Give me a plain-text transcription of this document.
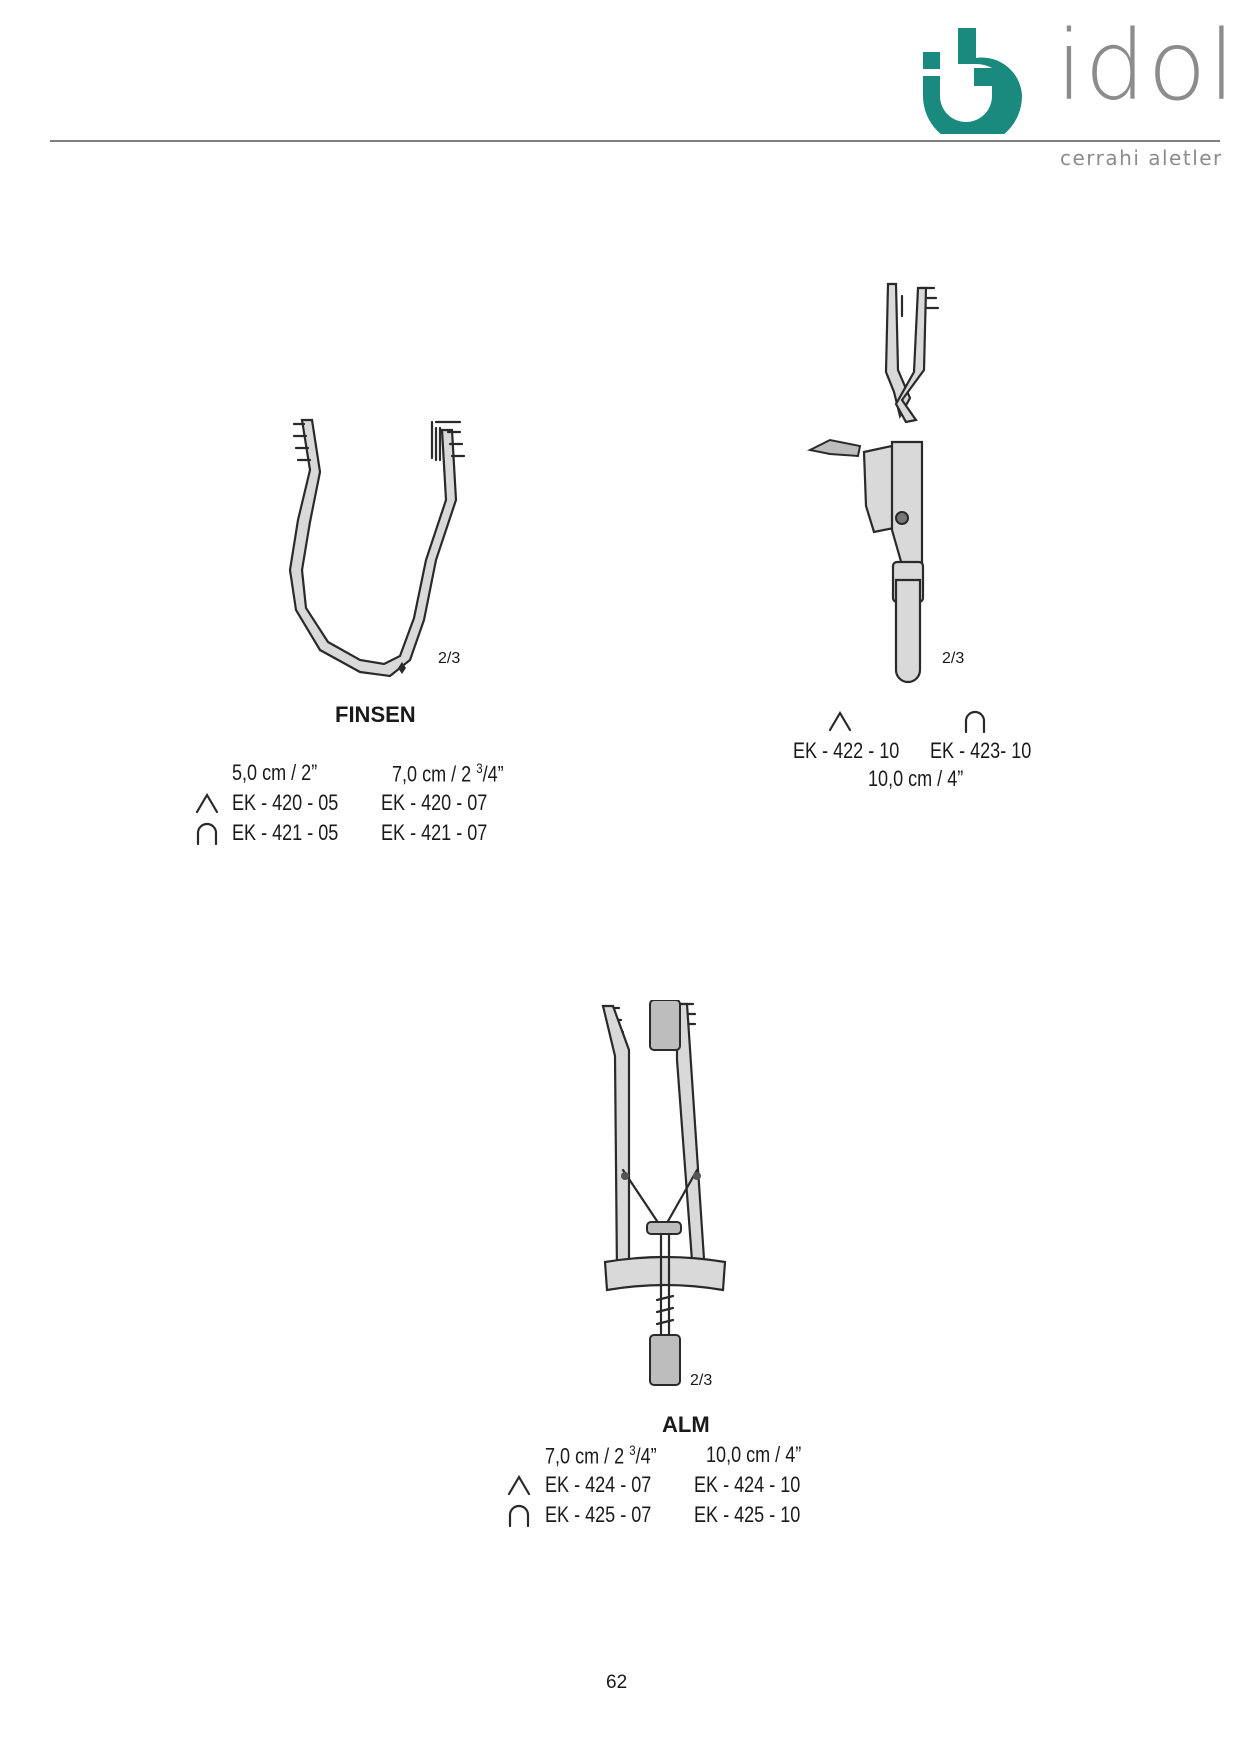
idol
cerrahi aletler
2/3
FINSEN
5,0 cm / 2”	7,0 cm / 2 $^3$/4”
EK - 420 - 05 EK - 420 - 07
EK - 421 - 05 EK - 421 - 07
2/3
EK - 422 - 10 EK - 423- 10
10,0 cm / 4”
2/3
ALM
7,0 cm / 2 $^3$/4” 10,0 cm / 4”
EK - 424 - 07 EK - 424 - 10
EK - 425 - 07 EK - 425 - 10
62
